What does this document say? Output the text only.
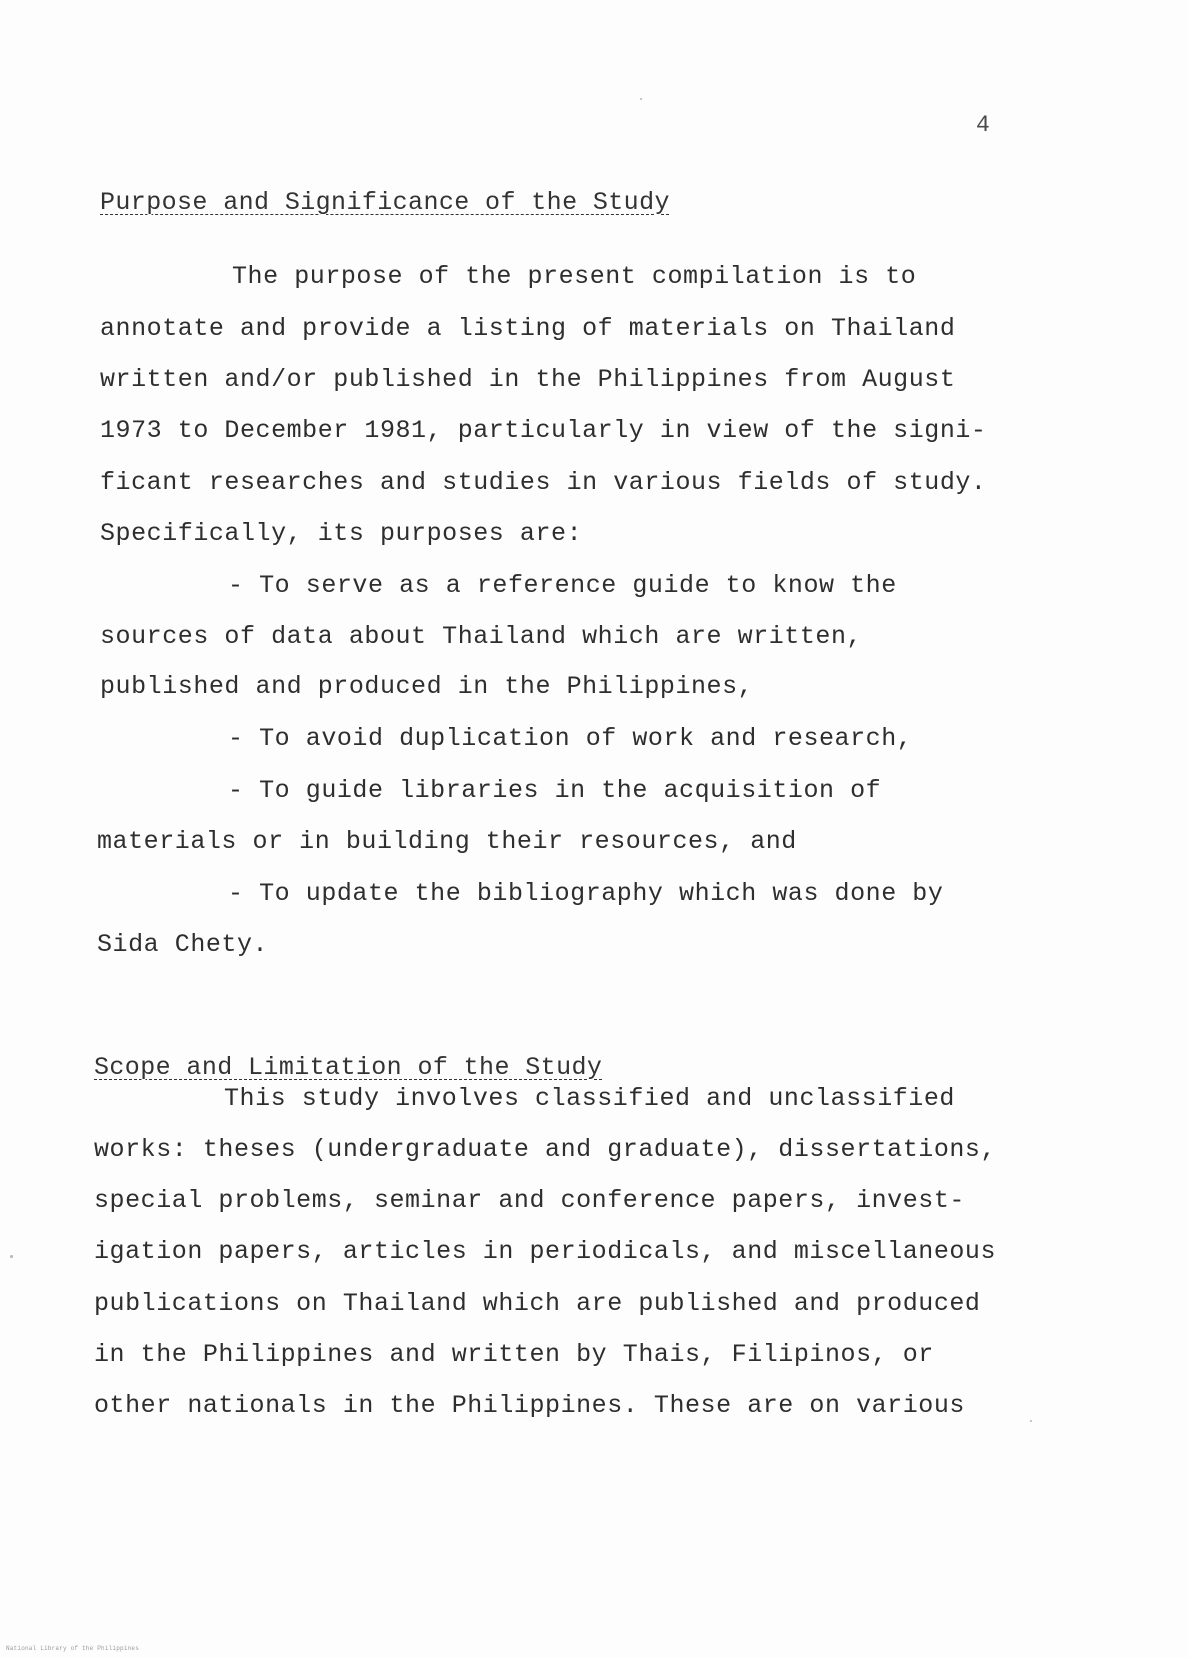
4
Purpose and Significance of the Study
The purpose of the present compilation is to
annotate and provide a listing of materials on Thailand
written and/or published in the Philippines from August
1973 to December 1981, particularly in view of the signi-
ficant researches and studies in various fields of study.
Specifically, its purposes are:
- To serve as a reference guide to know the
sources of data about Thailand which are written,
published and produced in the Philippines,
- To avoid duplication of work and research,
- To guide libraries in the acquisition of
materials or in building their resources, and
- To update the bibliography which was done by
Sida Chety.
Scope and Limitation of the Study
This study involves classified and unclassified
works: theses (undergraduate and graduate), dissertations,
special problems, seminar and conference papers, invest-
igation papers, articles in periodicals, and miscellaneous
publications on Thailand which are published and produced
in the Philippines and written by Thais, Filipinos, or
other nationals in the Philippines. These are on various
National Library of the Philippines
